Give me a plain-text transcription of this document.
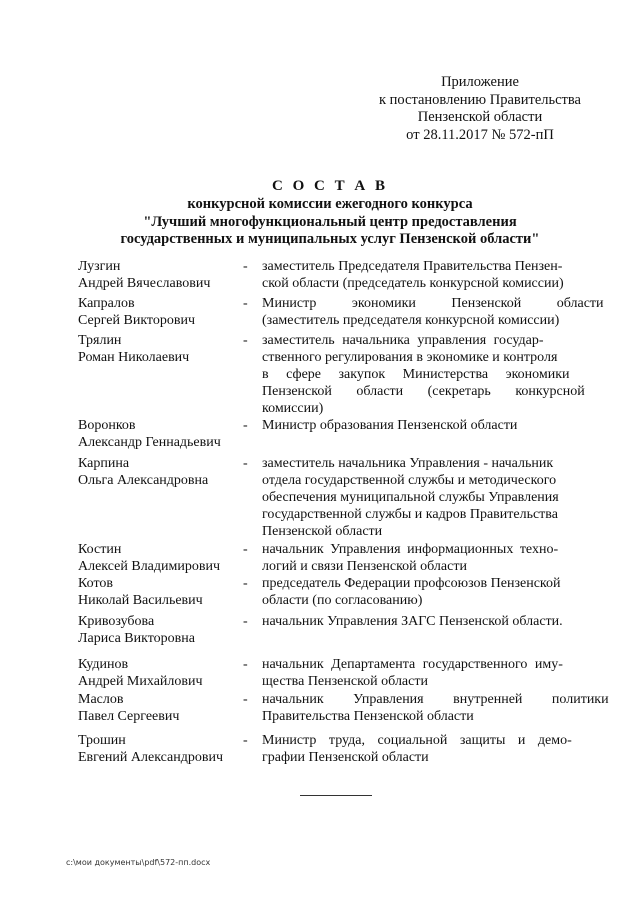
Приложение
к постановлению Правительства
Пензенской области
от 28.11.2017 № 572-пП
С О С Т А В
конкурсной комиссии ежегодного конкурса
"Лучший многофункциональный центр предоставления
государственных и муниципальных услуг Пензенской области"
Лузгин
Андрей Вячеславович
- заместитель Председателя Правительства Пензен-
ской области (председатель конкурсной комиссии)
Капралов
Сергей Викторович
- Министр экономики Пензенской области
(заместитель председателя конкурсной комиссии)
Трялин
Роман Николаевич
- заместитель начальника управления государ-
ственного регулирования в экономике и контроля
в сфере закупок Министерства экономики
Пензенской области (секретарь конкурсной
комиссии)
Воронков
Александр Геннадьевич
- Министр образования Пензенской области
Карпина
Ольга Александровна
- заместитель начальника Управления - начальник
отдела государственной службы и методического
обеспечения муниципальной службы Управления
государственной службы и кадров Правительства
Пензенской области
Костин
Алексей Владимирович
- начальник Управления информационных техно-
логий и связи Пензенской области
Котов
Николай Васильевич
- председатель Федерации профсоюзов Пензенской
области (по согласованию)
Кривозубова
Лариса Викторовна
- начальник Управления ЗАГС Пензенской области.
Кудинов
Андрей Михайлович
- начальник Департамента государственного иму-
щества Пензенской области
Маслов
Павел Сергеевич
- начальник Управления внутренней политики
Правительства Пензенской области
Трошин
Евгений Александрович
- Министр труда, социальной защиты и демо-
графии Пензенской области
c:\мои документы\pdf\572-пп.docx
